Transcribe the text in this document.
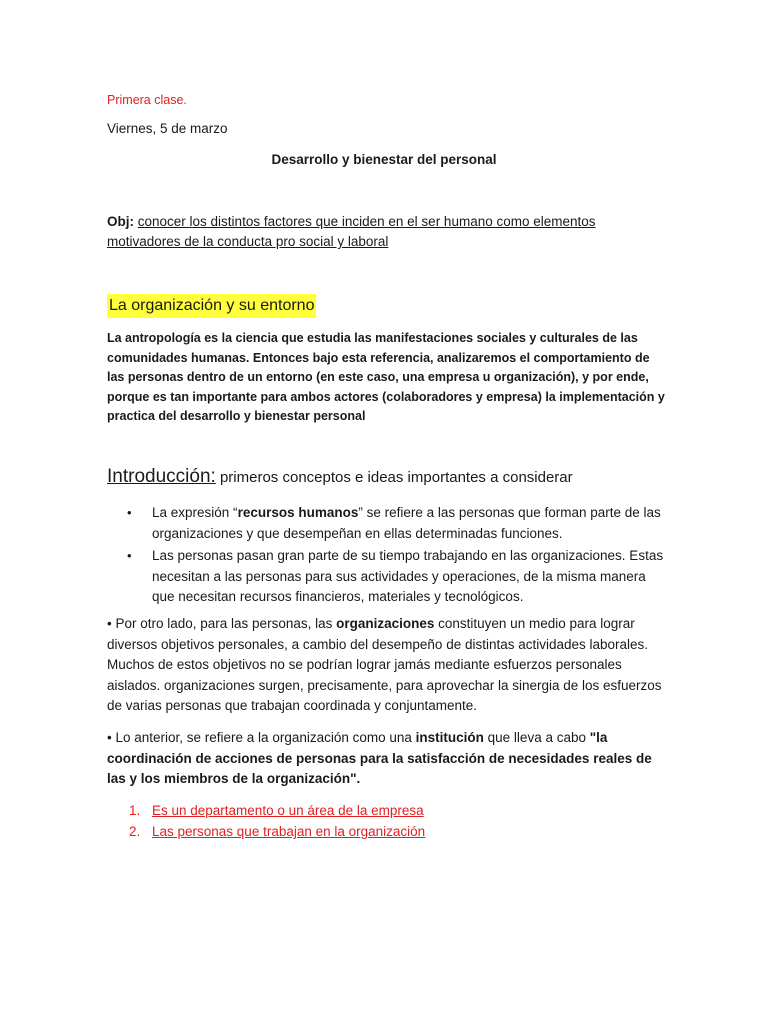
Primera clase.
Viernes, 5 de marzo
Desarrollo y bienestar del personal
Obj: conocer los distintos factores que inciden en el ser humano como elementos motivadores de la conducta pro social y laboral
La organización y su entorno
La antropología es la ciencia que estudia las manifestaciones sociales y culturales de las comunidades humanas. Entonces bajo esta referencia, analizaremos el comportamiento de las personas dentro de un entorno (en este caso, una empresa u organización), y por ende, porque es tan importante para ambos actores (colaboradores y empresa) la implementación y practica del desarrollo y bienestar personal
Introducción: primeros conceptos e ideas importantes a considerar
• La expresión “recursos humanos” se refiere a las personas que forman parte de las organizaciones y que desempeñan en ellas determinadas funciones.
• Las personas pasan gran parte de su tiempo trabajando en las organizaciones. Estas necesitan a las personas para sus actividades y operaciones, de la misma manera que necesitan recursos financieros, materiales y tecnológicos.
• Por otro lado, para las personas, las organizaciones constituyen un medio para lograr diversos objetivos personales, a cambio del desempeño de distintas actividades laborales. Muchos de estos objetivos no se podrían lograr jamás mediante esfuerzos personales aislados. organizaciones surgen, precisamente, para aprovechar la sinergia de los esfuerzos de varias personas que trabajan coordinada y conjuntamente.
• Lo anterior, se refiere a la organización como una institución que lleva a cabo "la coordinación de acciones de personas para la satisfacción de necesidades reales de las y los miembros de la organización".
1. Es un departamento o un área de la empresa
2. Las personas que trabajan en la organización
